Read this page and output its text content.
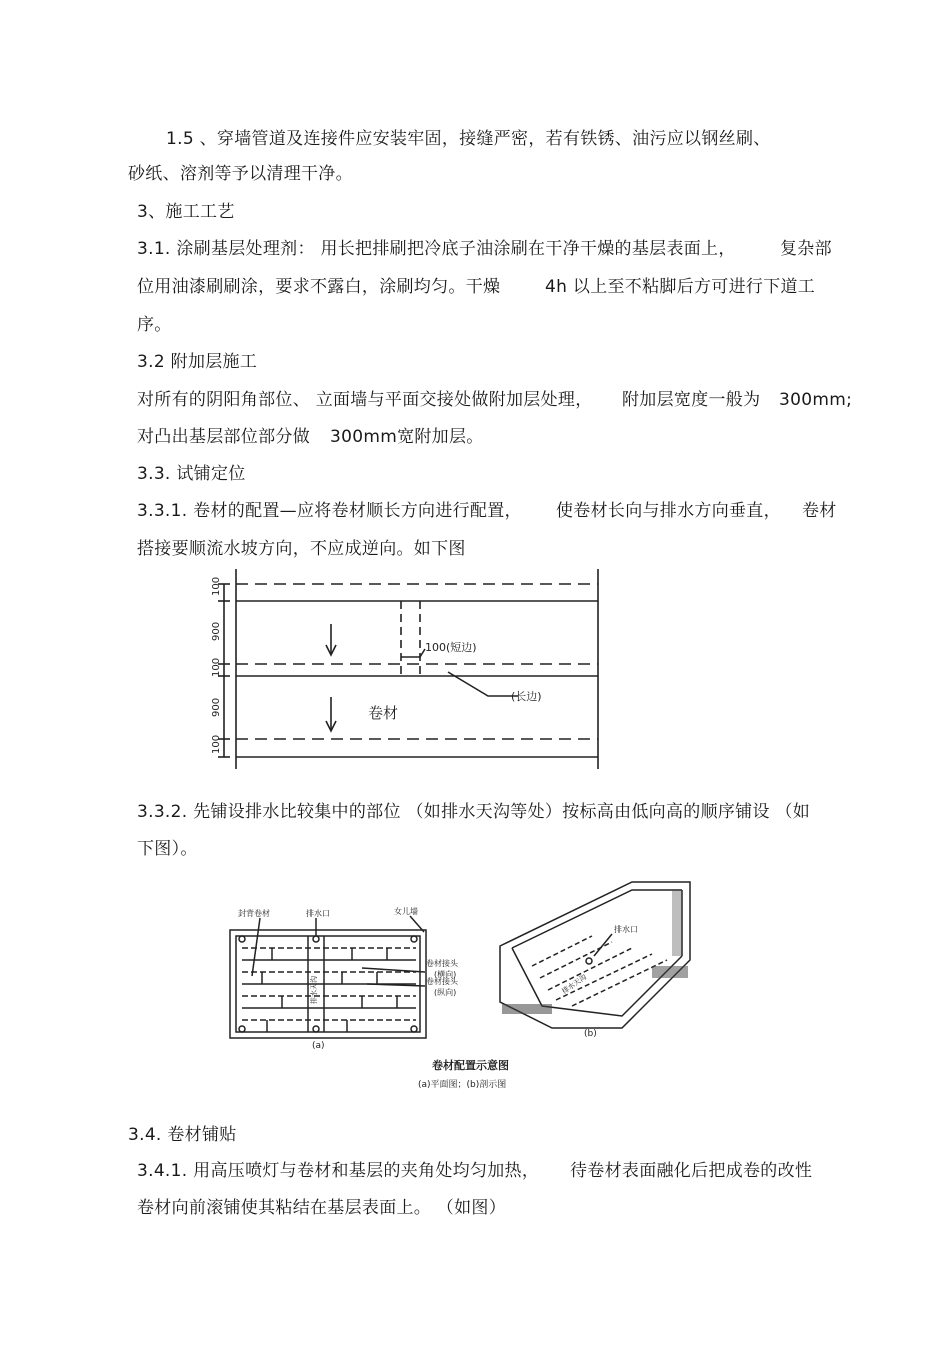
1.5 、穿墙管道及连接件应安装牢固，接缝严密，若有铁锈、油污应以钢丝刷、
砂纸、溶剂等予以清理干净。
3、施工工艺
3.1. 涂刷基层处理剂： 用长把排刷把冷底子油涂刷在干净干燥的基层表面上，	复杂部
位用油漆刷刷涂，要求不露白，涂刷均匀。干燥	4h 以上至不粘脚后方可进行下道工
序。
3.2 附加层施工
对所有的阴阳角部位、 立面墙与平面交接处做附加层处理， 附加层宽度一般为 300mm;
对凸出基层部位部分做 300mm宽附加层。
3.3. 试铺定位
3.3.1. 卷材的配置—应将卷材顺长方向进行配置， 使卷材长向与排水方向垂直， 卷材
搭接要顺流水坡方向，不应成逆向。如下图
100
900
100
900
100
100(短边)
(长边)
卷材
3.3.2. 先铺设排水比较集中的部位 （如排水天沟等处）按标高由低向高的顺序铺设 （如
下图）。
封背卷材	排水口	女儿墙
卷材接头
(横向)
卷材接头
(纵向)
排水天沟
排水口
排水天沟
(a)
(b)
卷材配置示意图
(a)平面图；(b)剖示图
3.4. 卷材铺贴
3.4.1. 用高压喷灯与卷材和基层的夹角处均匀加热， 待卷材表面融化后把成卷的改性
卷材向前滚铺使其粘结在基层表面上。 （如图）
